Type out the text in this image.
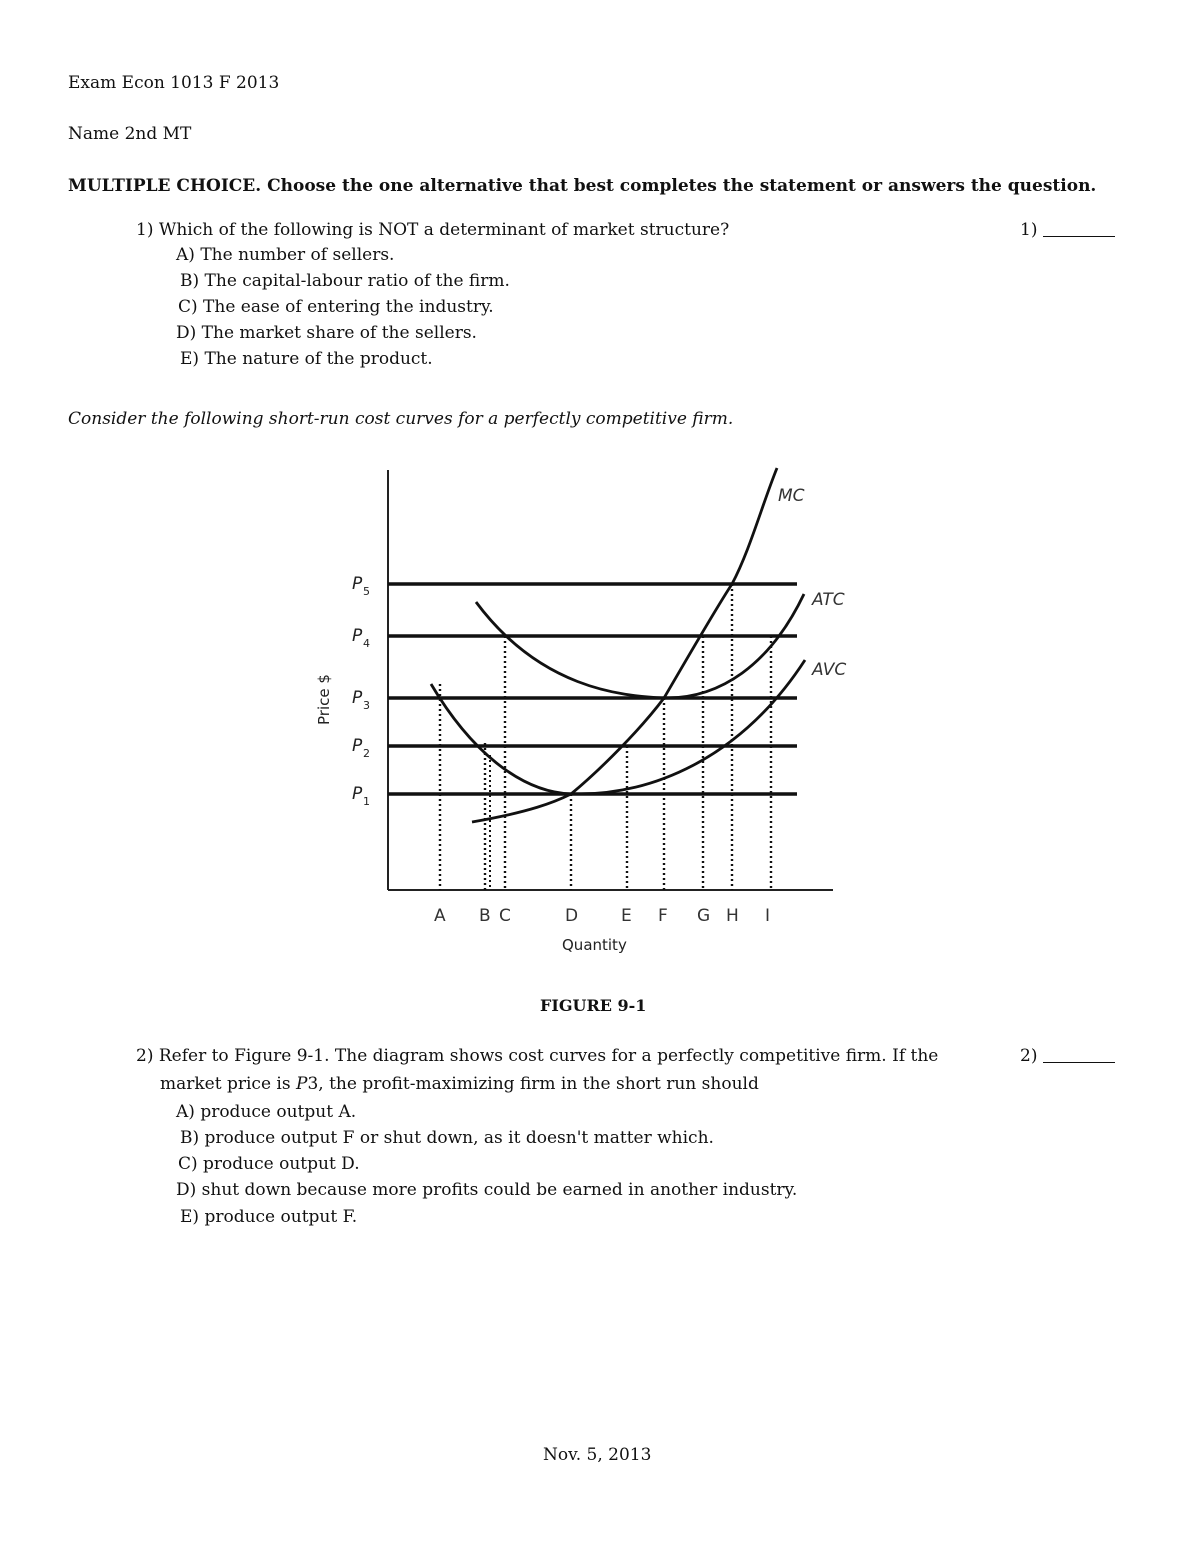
Exam Econ 1013 F 2013
Name 2nd MT
MULTIPLE CHOICE. Choose the one alternative that best completes the statement or answers the question.
1) Which of the following is NOT a determinant of market structure?	1)
A) The number of sellers.
B) The capital-labour ratio of the firm.
C) The ease of entering the industry.
D) The market share of the sellers.
E) The nature of the product.
Consider the following short-run cost curves for a perfectly competitive firm.
P 5
P 4
P 3
P 2
P 1
A B C	D	E F G H I
Quantity
Price $
MC
ATC
AVC
FIGURE 9-1
2) Refer to Figure 9-1. The diagram shows cost curves for a perfectly competitive firm. If the	2)
market price is P3, the profit-maximizing firm in the short run should
A) produce output A.
B) produce output F or shut down, as it doesn't matter which.
C) produce output D.
D) shut down because more profits could be earned in another industry.
E) produce output F.
Nov. 5, 2013
